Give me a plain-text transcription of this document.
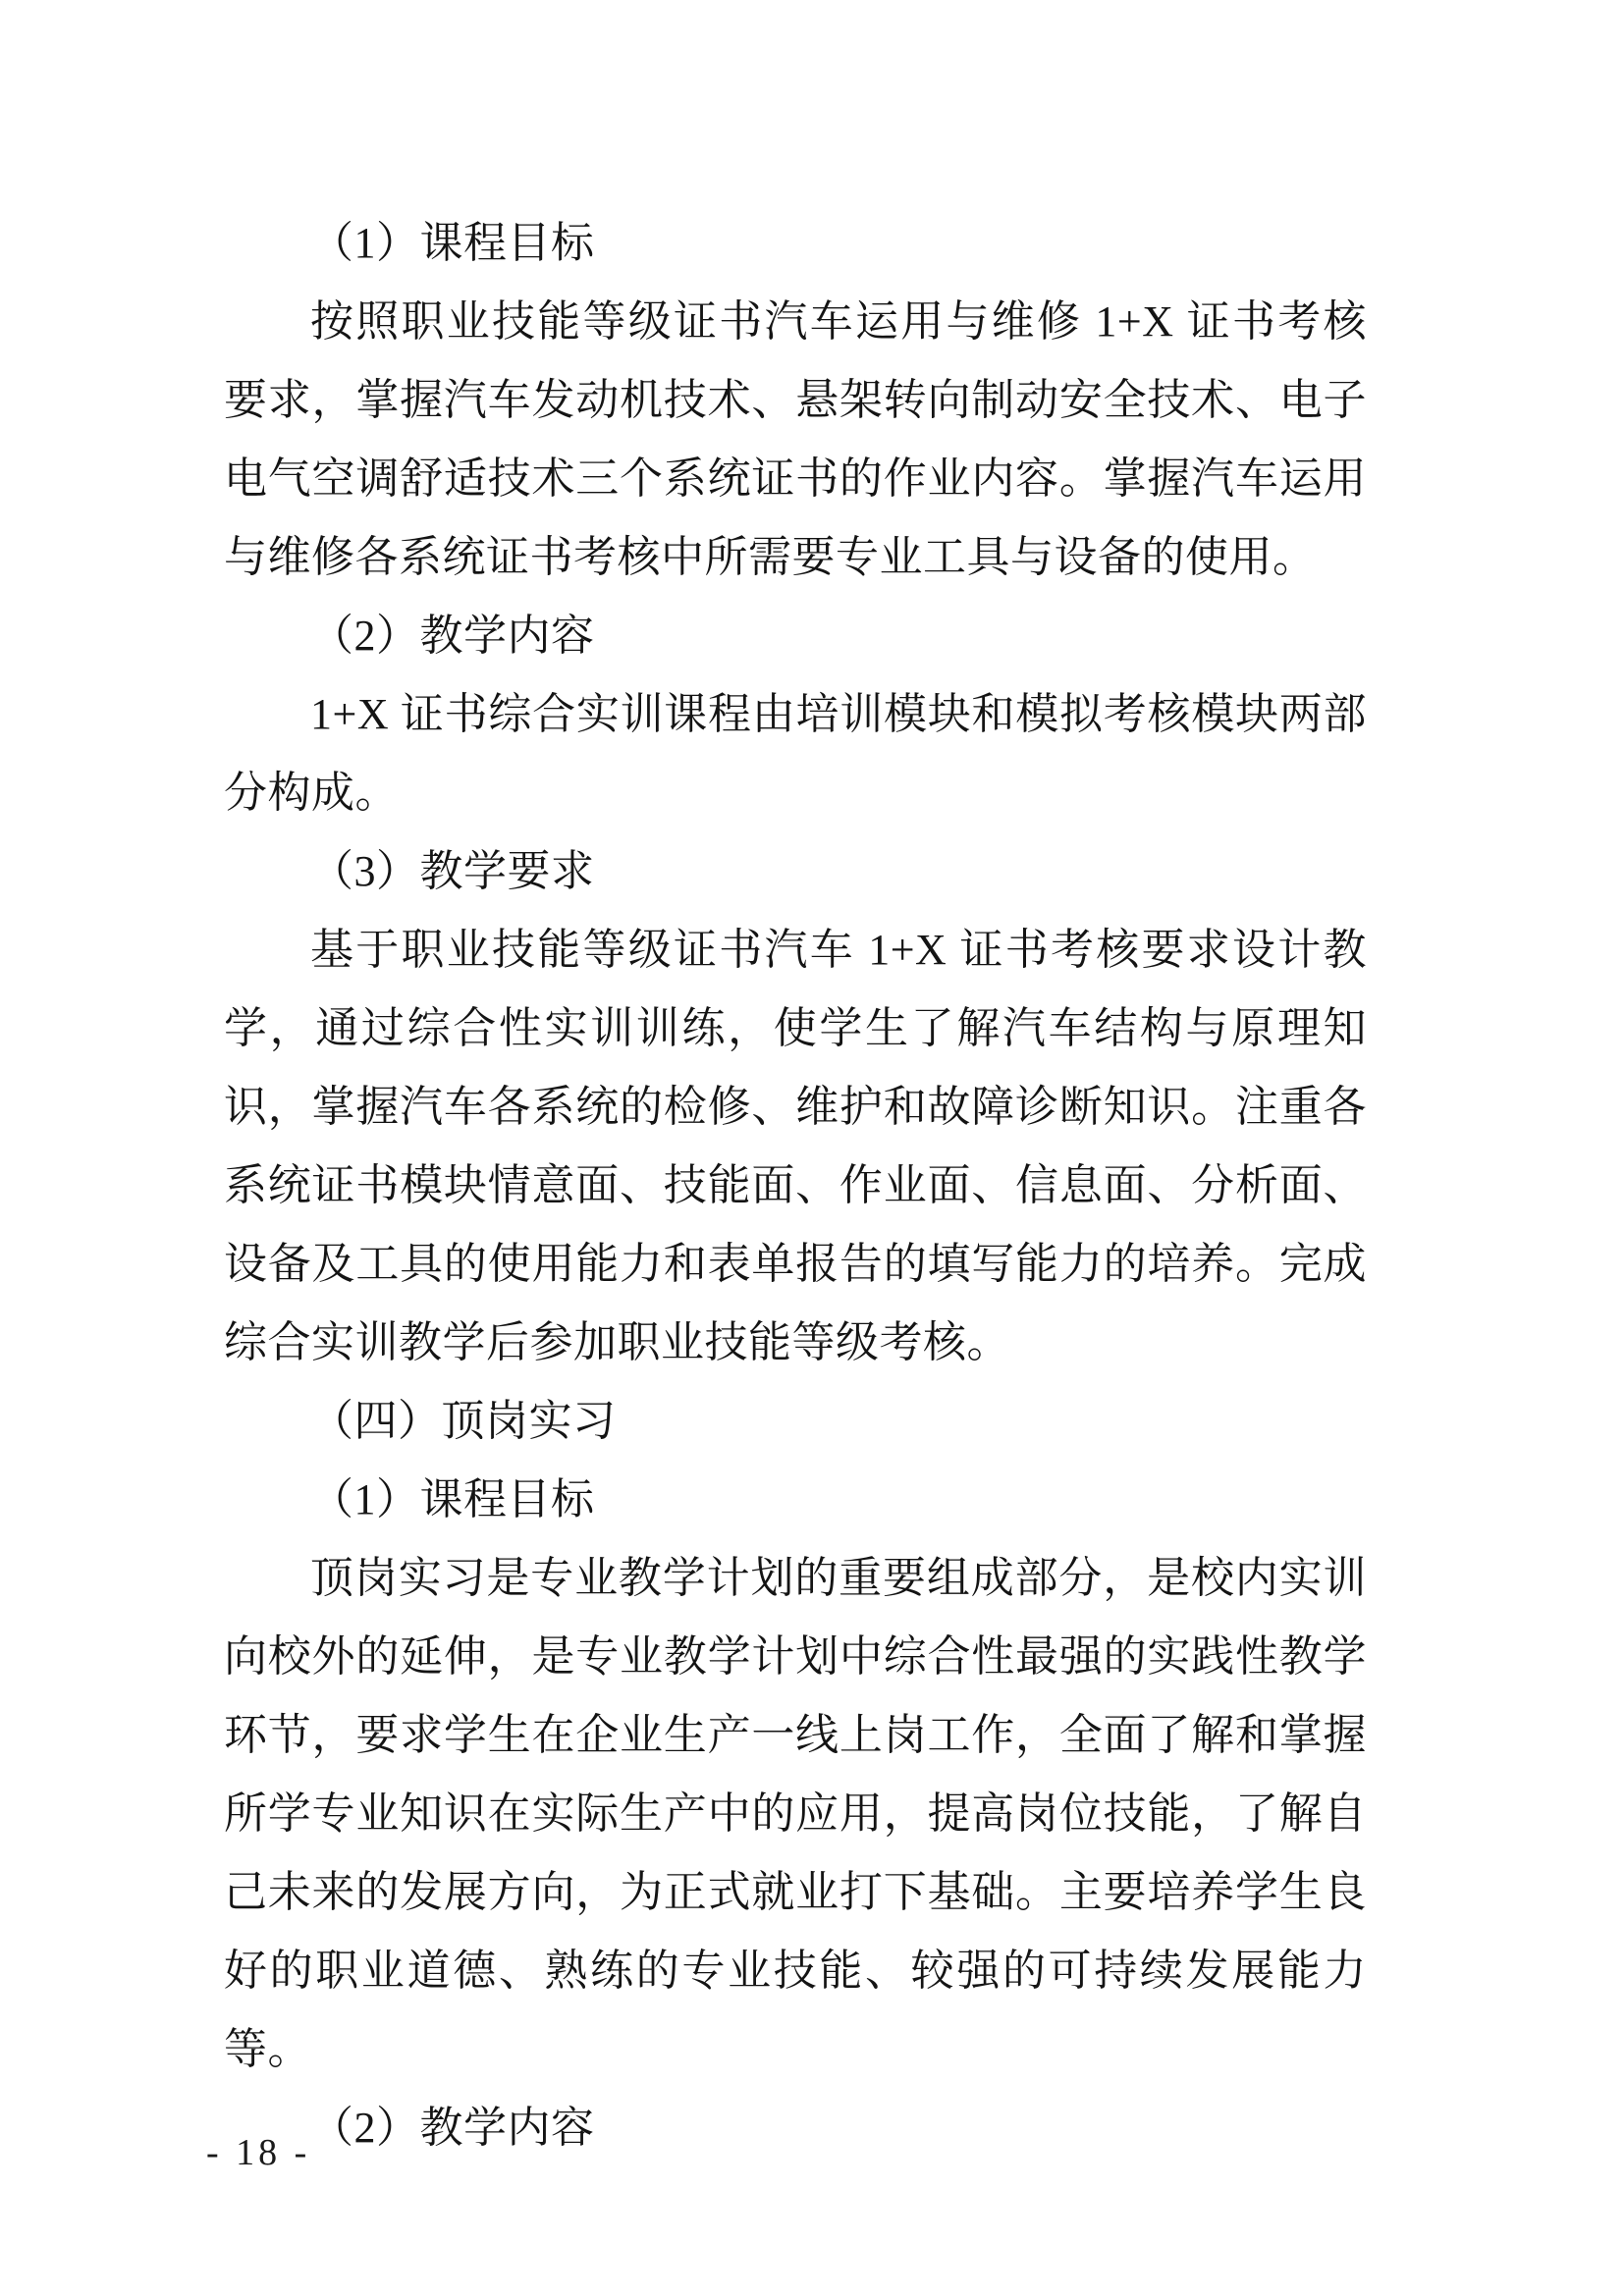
（1）课程目标

按照职业技能等级证书汽车运用与维修 1+X 证书考核要求，掌握汽车发动机技术、悬架转向制动安全技术、电子电气空调舒适技术三个系统证书的作业内容。掌握汽车运用与维修各系统证书考核中所需要专业工具与设备的使用。

（2）教学内容

1+X 证书综合实训课程由培训模块和模拟考核模块两部分构成。

（3）教学要求

基于职业技能等级证书汽车 1+X 证书考核要求设计教学，通过综合性实训训练，使学生了解汽车结构与原理知识，掌握汽车各系统的检修、维护和故障诊断知识。注重各系统证书模块情意面、技能面、作业面、信息面、分析面、设备及工具的使用能力和表单报告的填写能力的培养。完成综合实训教学后参加职业技能等级考核。

（四）顶岗实习

（1）课程目标

顶岗实习是专业教学计划的重要组成部分，是校内实训向校外的延伸，是专业教学计划中综合性最强的实践性教学环节，要求学生在企业生产一线上岗工作，全面了解和掌握所学专业知识在实际生产中的应用，提高岗位技能，了解自己未来的发展方向，为正式就业打下基础。主要培养学生良好的职业道德、熟练的专业技能、较强的可持续发展能力等。

（2）教学内容

- 18 -
